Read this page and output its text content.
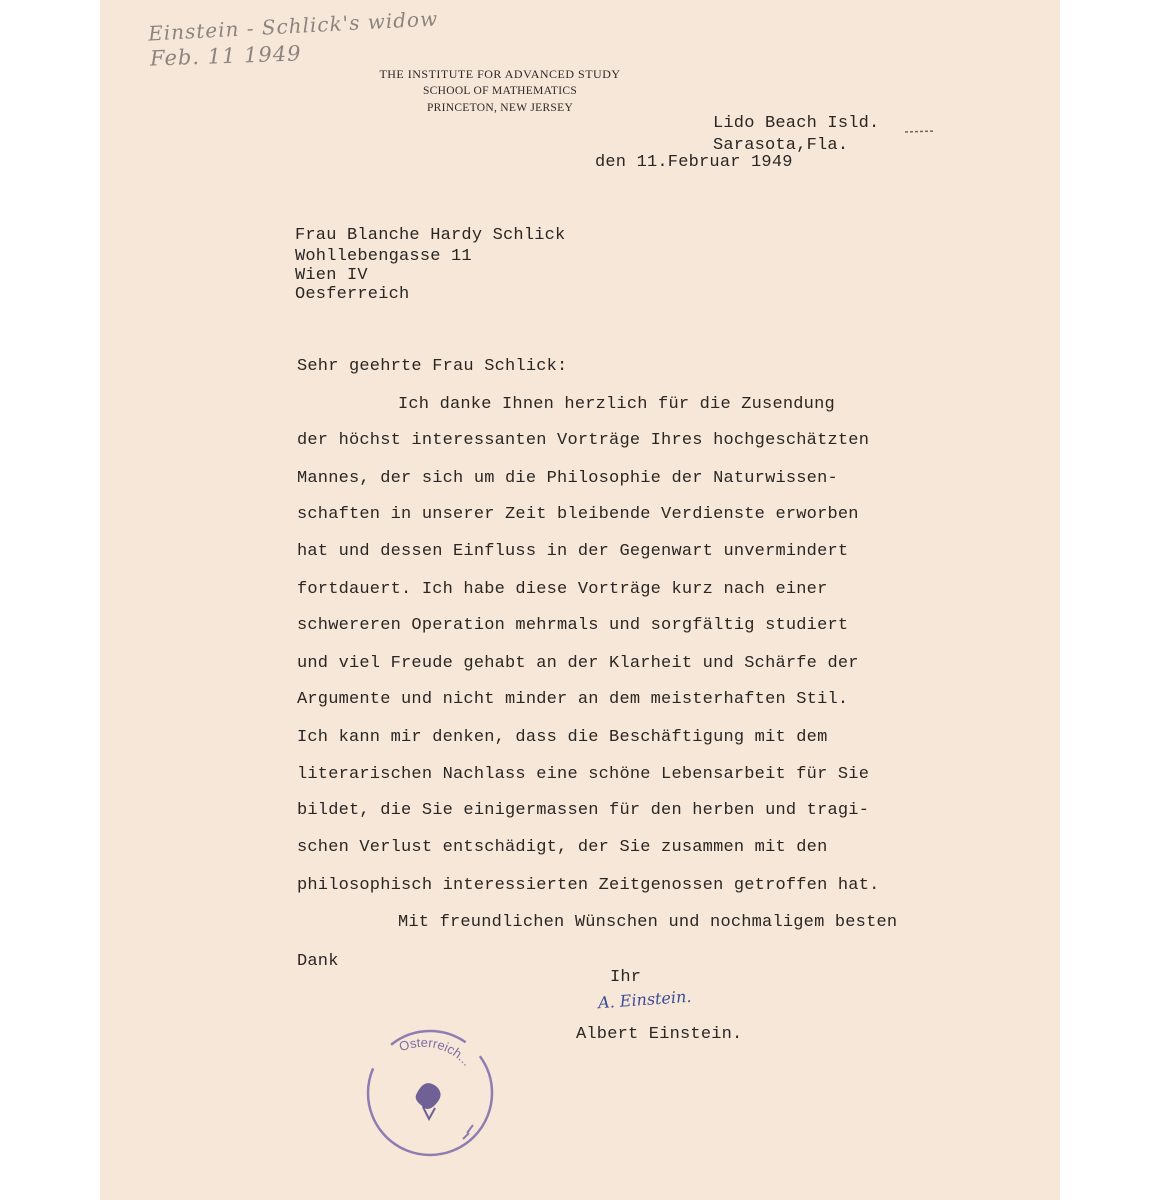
Einstein - Schlick's widow
Feb. 11 1949
THE INSTITUTE FOR ADVANCED STUDY
SCHOOL OF MATHEMATICS
PRINCETON, NEW JERSEY
Lido Beach Isld.
Sarasota,Fla.
den 11.Februar 1949
Frau Blanche Hardy Schlick
Wohllebengasse 11
Wien IV
Oesferreich
Sehr geehrte Frau Schlick:
Ich danke Ihnen herzlich für die Zusendung
der höchst interessanten Vorträge Ihres hochgeschätzten
Mannes, der sich um die Philosophie der Naturwissen-
schaften in unserer Zeit bleibende Verdienste erworben
hat und dessen Einfluss in der Gegenwart unvermindert
fortdauert. Ich habe diese Vorträge kurz nach einer
schwereren Operation mehrmals und sorgfältig studiert
und viel Freude gehabt an der Klarheit und Schärfe der
Argumente und nicht minder an dem meisterhaften Stil.
Ich kann mir denken, dass die Beschäftigung mit dem
literarischen Nachlass eine schöne Lebensarbeit für Sie
bildet, die Sie einigermassen für den herben und tragi-
schen Verlust entschädigt, der Sie zusammen mit den
philosophisch interessierten Zeitgenossen getroffen hat.
Mit freundlichen Wünschen und nochmaligem besten
Dank
Ihr
A. Einstein.
Albert Einstein.
Osterreich...
